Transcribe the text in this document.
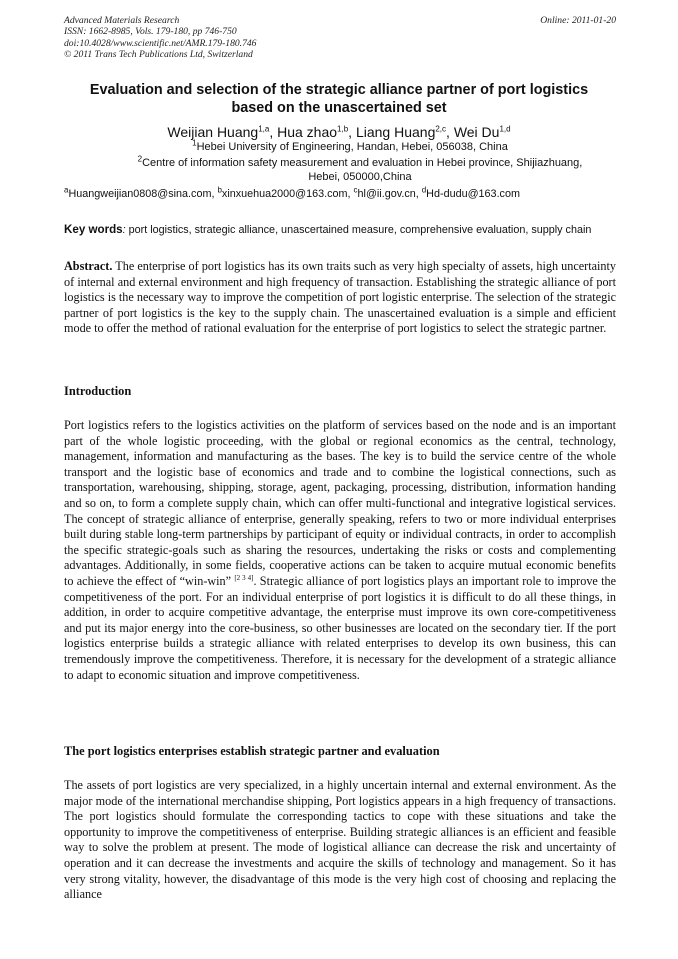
Advanced Materials Research
ISSN: 1662-8985, Vols. 179-180, pp 746-750
doi:10.4028/www.scientific.net/AMR.179-180.746
© 2011 Trans Tech Publications Ltd, Switzerland
Online: 2011-01-20
Evaluation and selection of the strategic alliance partner of port logistics
based on the unascertained set
Weijian Huang$^{1,a}$, Hua zhao$^{1,b}$, Liang Huang$^{2,c}$, Wei Du$^{1,d}$
$^1$Hebei University of Engineering, Handan, Hebei, 056038, China
$^2$Centre of information safety measurement and evaluation in Hebei province, Shijiazhuang,
Hebei, 050000,China
$^a$Huangweijian0808@sina.com, $^b$xinxuehua2000@163.com, $^c$hl@ii.gov.cn, $^d$Hd-dudu@163.com
Key words: port logistics, strategic alliance, unascertained measure, comprehensive evaluation, supply chain
Abstract. The enterprise of port logistics has its own traits such as very high specialty of assets, high uncertainty of internal and external environment and high frequency of transaction. Establishing the strategic alliance of port logistics is the necessary way to improve the competition of port logistic enterprise. The selection of the strategic partner of port logistics is the key to the supply chain. The unascertained evaluation is a simple and efficient mode to offer the method of rational evaluation for the enterprise of port logistics to select the strategic partner.
Introduction
Port logistics refers to the logistics activities on the platform of services based on the node and is an important part of the whole logistic proceeding, with the global or regional economics as the central, technology, management, information and manufacturing as the bases. The key is to build the service centre of the whole transport and the logistic base of economics and trade and to combine the logistical connections, such as transportation, warehousing, shipping, storage, agent, packaging, processing, distribution, information handing and so on, to form a complete supply chain, which can offer multi-functional and integrative logistical services. The concept of strategic alliance of enterprise, generally speaking, refers to two or more individual enterprises built during stable long-term partnerships by participant of equity or individual contracts, in order to accomplish the specific strategic-goals such as sharing the resources, undertaking the risks or costs and complementing advantages. Additionally, in some fields, cooperative actions can be taken to acquire mutual economic benefits to achieve the effect of “win-win” [2 3 4]. Strategic alliance of port logistics plays an important role to improve the competitiveness of the port. For an individual enterprise of port logistics it is difficult to do all these things, in addition, in order to acquire competitive advantage, the enterprise must improve its own core-competitiveness and put its major energy into the core-business, so other businesses are located on the secondary tier. If the port logistics enterprise builds a strategic alliance with related enterprises to develop its own business, this can tremendously improve the competitiveness. Therefore, it is necessary for the development of a strategic alliance to adapt to economic situation and improve competitiveness.
The port logistics enterprises establish strategic partner and evaluation
The assets of port logistics are very specialized, in a highly uncertain internal and external environment. As the major mode of the international merchandise shipping, Port logistics appears in a high frequency of transactions. The port logistics should formulate the corresponding tactics to cope with these situations and take the opportunity to improve the competitiveness of enterprise. Building strategic alliances is an efficient and feasible way to solve the problem at present. The mode of logistical alliance can decrease the risk and uncertainty of operation and it can decrease the investments and acquire the skills of technology and management. So it has very strong vitality, however, the disadvantage of this mode is the very high cost of choosing and replacing the alliance
